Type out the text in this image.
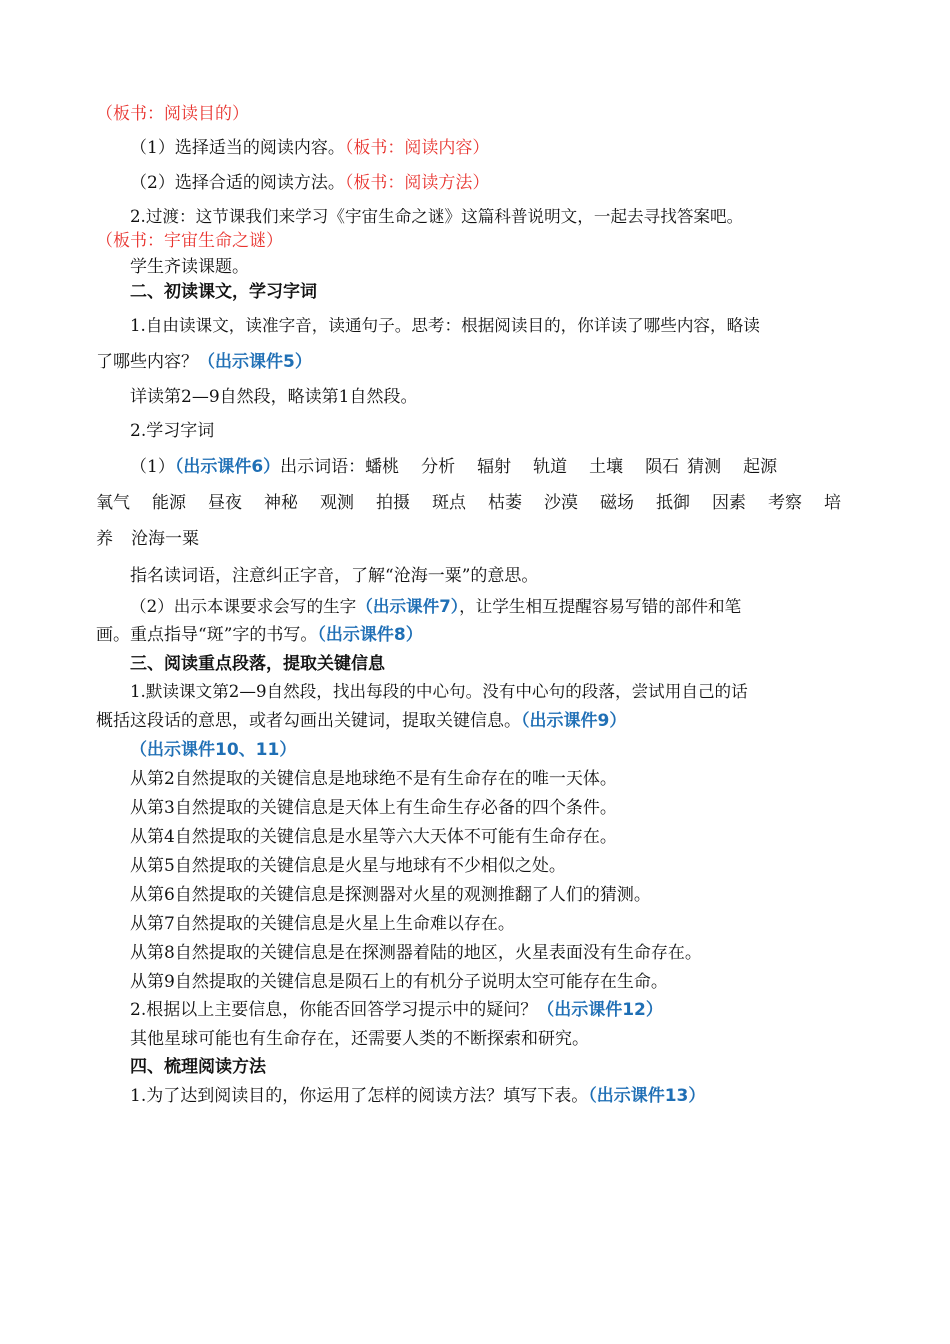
（板书：阅读目的）
（1）选择适当的阅读内容。（板书：阅读内容）
（2）选择合适的阅读方法。（板书：阅读方法）
2.过渡：这节课我们来学习《宇宙生命之谜》这篇科普说明文，一起去寻找答案吧。
（板书：宇宙生命之谜）
学生齐读课题。
二、初读课文，学习字词
1.自由读课文，读准字音，读通句子。思考：根据阅读目的，你详读了哪些内容，略读
了哪些内容？（出示课件5）
详读第2—9自然段，略读第1自然段。
2.学习字词
（1）（出示课件6）出示词语：蟠桃 分析 辐射 轨道 土壤 陨石 猜测 起源
氧气 能源 昼夜 神秘 观测 拍摄 斑点 枯萎 沙漠 磁场 抵御 因素 考察 培
养 沧海一粟
指名读词语，注意纠正字音，了解“沧海一粟”的意思。
（2）出示本课要求会写的生字（出示课件7），让学生相互提醒容易写错的部件和笔
画。重点指导“斑”字的书写。（出示课件8）
三、阅读重点段落，提取关键信息
1.默读课文第2—9自然段，找出每段的中心句。没有中心句的段落，尝试用自己的话
概括这段话的意思，或者勾画出关键词，提取关键信息。（出示课件9）
（出示课件10、11）
从第2自然提取的关键信息是地球绝不是有生命存在的唯一天体。
从第3自然提取的关键信息是天体上有生命生存必备的四个条件。
从第4自然提取的关键信息是水星等六大天体不可能有生命存在。
从第5自然提取的关键信息是火星与地球有不少相似之处。
从第6自然提取的关键信息是探测器对火星的观测推翻了人们的猜测。
从第7自然提取的关键信息是火星上生命难以存在。
从第8自然提取的关键信息是在探测器着陆的地区，火星表面没有生命存在。
从第9自然提取的关键信息是陨石上的有机分子说明太空可能存在生命。
2.根据以上主要信息，你能否回答学习提示中的疑问？（出示课件12）
其他星球可能也有生命存在，还需要人类的不断探索和研究。
四、梳理阅读方法
1.为了达到阅读目的，你运用了怎样的阅读方法？填写下表。（出示课件13）
